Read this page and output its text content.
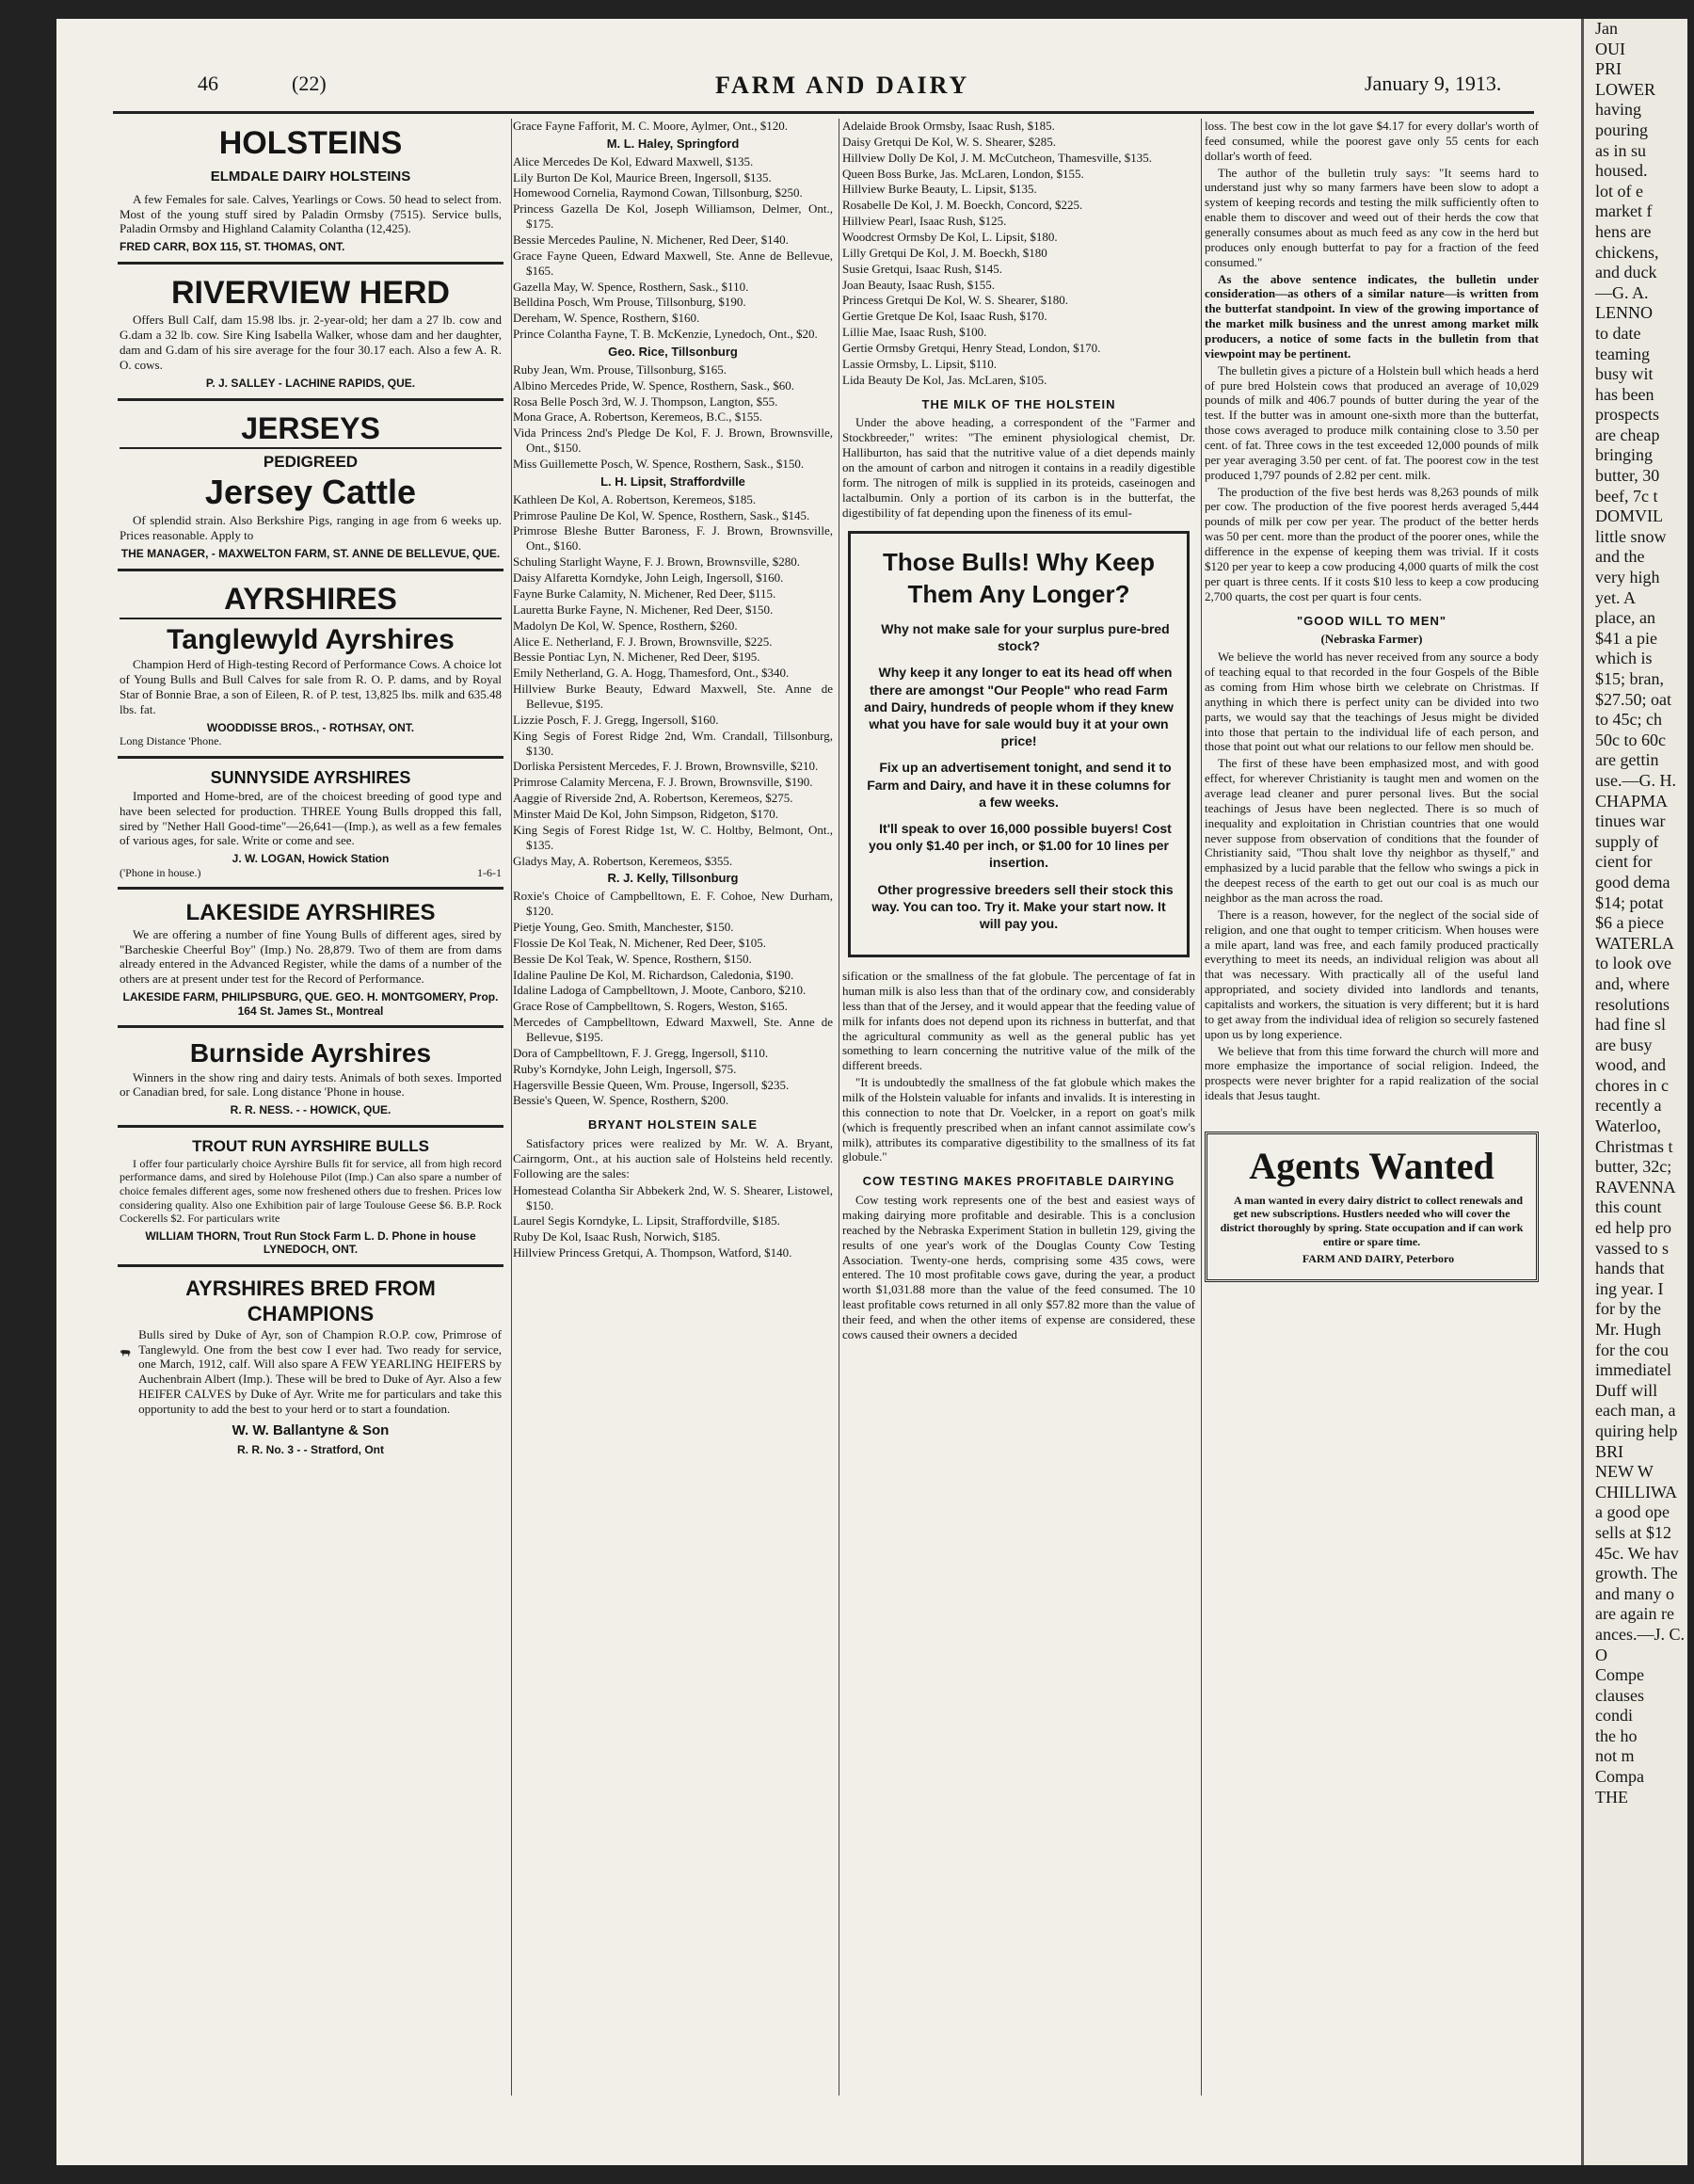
46	(22)	FARM AND DAIRY	January 9, 1913.
HOLSTEINS
ELMDALE DAIRY HOLSTEINS

A few Females for sale. Calves, Yearlings or Cows. 50 head to select from. Most of the young stuff sired by Paladin Ormsby (7515). Service bulls, Paladin Ormsby and Highland Calamity Colantha (12,425).

FRED CARR, BOX 115, ST. THOMAS, ONT.
RIVERVIEW HERD

Offers Bull Calf, dam 15.98 lbs. jr. 2-year-old; her dam a 27 lb. cow and G.dam a 32 lb. cow. Sire King Isabella Walker, whose dam and her daughter, dam and G.dam of his sire average for the four 30.17 each. Also a few A. R. O. cows.

P. J. SALLEY - LACHINE RAPIDS, QUE.
JERSEYS
PEDIGREED
Jersey Cattle

Of splendid strain. Also Berkshire Pigs, ranging in age from 6 weeks up. Prices reasonable. Apply to

THE MANAGER, - MAXWELTON FARM, ST. ANNE DE BELLEVUE, QUE.
AYRSHIRES
Tanglewyld Ayrshires

Champion Herd of High-testing Record of Performance Cows. A choice lot of Young Bulls and Bull Calves for sale from R. O. P. dams, and by Royal Star of Bonnie Brae, a son of Eileen, R. of P. test, 13,825 lbs. milk and 635.48 lbs. fat.

WOODDISSE BROS., - ROTHSAY, ONT.
Long Distance 'Phone.
SUNNYSIDE AYRSHIRES

Imported and Home-bred, are of the choicest breeding of good type and have been selected for production. THREE Young Bulls dropped this fall, sired by "Nether Hall Good-time"—26,641—(Imp.), as well as a few females of various ages, for sale. Write or come and see.

J. W. LOGAN, Howick Station
('Phone in house.)	1-6-1
LAKESIDE AYRSHIRES

We are offering a number of fine Young Bulls of different ages, sired by "Barcheskie Cheerful Boy" (Imp.) No. 28,879. Two of them are from dams already entered in the Advanced Register, while the dams of a number of the others are at present under test for the Record of Performance.

LAKESIDE FARM, PHILIPSBURG, QUE. GEO. H. MONTGOMERY, Prop. 164 St. James St., Montreal
Burnside Ayrshires

Winners in the show ring and dairy tests. Animals of both sexes. Imported or Canadian bred, for sale. Long distance 'Phone in house.

R. R. NESS. - - HOWICK, QUE.
TROUT RUN AYRSHIRE BULLS

I offer four particularly choice Ayrshire Bulls fit for service, all from high record performance dams, and sired by Holehouse Pilot (Imp.) Can also spare a number of choice females different ages, some now freshened others due to freshen. Prices low considering quality. Also one Exhibition pair of large Toulouse Geese $6. B.P. Rock Cockerells $2. For particulars write

WILLIAM THORN, Trout Run Stock Farm L. D. Phone in house LYNEDOCH, ONT.
AYRSHIRES BRED FROM CHAMPIONS

Bulls sired by Duke of Ayr, son of Champion R.O.P. cow, Primrose of Tanglewyld. One from the best cow I ever had. Two ready for service, one March, 1912, calf. Will also spare A FEW YEARLING HEIFERS by Auchenbrain Albert (Imp.). These will be bred to Duke of Ayr. Also a few HEIFER CALVES by Duke of Ayr. Write me for particulars and take this opportunity to add the best to your herd or to start a foundation.

W. W. Ballantyne & Son
R. R. No. 3 - - Stratford, Ont
Grace Fayne Fafforit, M. C. Moore, Aylmer, Ont., $120.
M. L. Haley, Springford
Alice Mercedes De Kol, Edward Maxwell, $135.
Lily Burton De Kol, Maurice Breen, Ingersoll, $135.
Homewood Cornelia, Raymond Cowan, Tillsonburg, $250.
Princess Gazella De Kol, Joseph Williamson, Delmer, Ont., $175.
Bessie Mercedes Pauline, N. Michener, Red Deer, $140.
Grace Fayne Queen, Edward Maxwell, Ste. Anne de Bellevue, $165.
Gazella May, W. Spence, Rosthern, Sask., $110.
Belldina Posch, Wm Prouse, Tillsonburg, $190.
Dereham, W. Spence, Rosthern, $160.
Prince Colantha Fayne, T. B. McKenzie, Lynedoch, Ont., $20.
Geo. Rice, Tillsonburg
Ruby Jean, Wm. Prouse, Tillsonburg, $165.
Albino Mercedes Pride, W. Spence, Rosthern, Sask., $60.
Rosa Belle Posch 3rd, W. J. Thompson, Langton, $55.
Mona Grace, A. Robertson, Keremeos, B.C., $155.
Vida Princess 2nd's Pledge De Kol, F. J. Brown, Brownsville, Ont., $150.
Miss Guillemette Posch, W. Spence, Rosthern, Sask., $150.
L. H. Lipsit, Straffordville
Kathleen De Kol, A. Robertson, Keremeos, $185.
Primrose Pauline De Kol, W. Spence, Rosthern, Sask., $145.
Primrose Bleshe Butter Baroness, F. J. Brown, Brownsville, Ont., $160.
Schuling Starlight Wayne, F. J. Brown, Brownsville, $280.
Daisy Alfaretta Korndyke, John Leigh, Ingersoll, $160.
Fayne Burke Calamity, N. Michener, Red Deer, $115.
Lauretta Burke Fayne, N. Michener, Red Deer, $150.
Madolyn De Kol, W. Spence, Rosthern, $260.
Alice E. Netherland, F. J. Brown, Brownsville, $225.
Bessie Pontiac Lyn, N. Michener, Red Deer, $195.
Emily Netherland, G. A. Hogg, Thamesford, Ont., $340.
Hillview Burke Beauty, Edward Maxwell, Ste. Anne de Bellevue, $195.
Lizzie Posch, F. J. Gregg, Ingersoll, $160.
King Segis of Forest Ridge 2nd, Wm. Crandall, Tillsonburg, $130.
Dorliska Persistent Mercedes, F. J. Brown, Brownsville, $210.
Primrose Calamity Mercena, F. J. Brown, Brownsville, $190.
Aaggie of Riverside 2nd, A. Robertson, Keremeos, $275.
Minster Maid De Kol, John Simpson, Ridgeton, $170.
King Segis of Forest Ridge 1st, W. C. Holtby, Belmont, Ont., $135.
Gladys May, A. Robertson, Keremeos, $355.
R. J. Kelly, Tillsonburg
Roxie's Choice of Campbelltown, E. F. Cohoe, New Durham, $120.
Pietje Young, Geo. Smith, Manchester, $150.
Flossie De Kol Teak, N. Michener, Red Deer, $105.
Bessie De Kol Teak, W. Spence, Rosthern, $150.
Idaline Pauline De Kol, M. Richardson, Caledonia, $190.
Idaline Ladoga of Campbelltown, J. Moote, Canboro, $210.
Grace Rose of Campbelltown, S. Rogers, Weston, $165.
Mercedes of Campbelltown, Edward Maxwell, Ste. Anne de Bellevue, $195.
Dora of Campbelltown, F. J. Gregg, Ingersoll, $110.
Ruby's Korndyke, John Leigh, Ingersoll, $75.
Hagersville Bessie Queen, Wm. Prouse, Ingersoll, $235.
Bessie's Queen, W. Spence, Rosthern, $200.
BRYANT HOLSTEIN SALE

Satisfactory prices were realized by Mr. W. A. Bryant, Cairngorm, Ont., at his auction sale of Holsteins held recently. Following are the sales:

Homestead Colantha Sir Abbekerk 2nd, W. S. Shearer, Listowel, $150.
Laurel Segis Korndyke, L. Lipsit, Straffordville, $185.
Ruby De Kol, Isaac Rush, Norwich, $185.
Hillview Princess Gretqui, A. Thompson, Watford, $140.
Adelaide Brook Ormsby, Isaac Rush, $185.
Daisy Gretqui De Kol, W. S. Shearer, $285.
Hillview Dolly De Kol, J. M. McCutcheon, Thamesville, $135.
Queen Boss Burke, Jas. McLaren, London, $155.
Hillview Burke Beauty, L. Lipsit, $135.
Rosabelle De Kol, J. M. Boeckh, Concord, $225.
Hillview Pearl, Isaac Rush, $125.
Woodcrest Ormsby De Kol, L. Lipsit, $180.
Lilly Gretqui De Kol, J. M. Boeckh, $180
Susie Gretqui, Isaac Rush, $145.
Joan Beauty, Isaac Rush, $155.
Princess Gretqui De Kol, W. S. Shearer, $180.
Gertie Gretque De Kol, Isaac Rush, $170.
Lillie Mae, Isaac Rush, $100.
Gertie Ormsby Gretqui, Henry Stead, London, $170.
Lassie Ormsby, L. Lipsit, $110.
Lida Beauty De Kol, Jas. McLaren, $105.
THE MILK OF THE HOLSTEIN

Under the above heading, a correspondent of the "Farmer and Stockbreeder," writes: "The eminent physiological chemist, Dr. Halliburton, has said that the nutritive value of a diet depends mainly on the amount of carbon and nitrogen it contains in a readily digestible form. The nitrogen of milk is supplied in its proteids, caseinogen and lactalbumin. Only a portion of its carbon is in the butterfat, the digestibility of fat depending upon the fineness of its emul-

Those Bulls! Why Keep Them Any Longer?

Why not make sale for your surplus pure-bred stock?

Why keep it any longer to eat its head off when there are amongst "Our People" who read Farm and Dairy, hundreds of people whom if they knew what you have for sale would buy it at your own price!

Fix up an advertisement tonight, and send it to Farm and Dairy, and have it in these columns for a few weeks.

It'll speak to over 16,000 possible buyers! Cost you only $1.40 per inch, or $1.00 for 10 lines per insertion.

Other progressive breeders sell their stock this way. You can too. Try it. Make your start now. It will pay you.

sification or the smallness of the fat globule. The percentage of fat in human milk is also less than that of the ordinary cow, and considerably less than that of the Jersey, and it would appear that the feeding value of milk for infants does not depend upon its richness in butterfat, and that the agricultural community as well as the general public has yet something to learn concerning the nutritive value of the milk of the different breeds.

"It is undoubtedly the smallness of the fat globule which makes the milk of the Holstein valuable for infants and invalids. It is interesting in this connection to note that Dr. Voelcker, in a report on goat's milk (which is frequently prescribed when an infant cannot assimilate cow's milk), attributes its comparative digestibility to the smallness of its fat globule."

COW TESTING MAKES PROFITABLE DAIRYING

Cow testing work represents one of the best and easiest ways of making dairying more profitable and desirable. This is a conclusion reached by the Nebraska Experiment Station in bulletin 129, giving the results of one year's work of the Douglas County Cow Testing Association. Twenty-one herds, comprising some 435 cows, were entered. The 10 most profitable cows gave, during the year, a product worth $1,031.88 more than the value of the feed consumed. The 10 least profitable cows returned in all only $57.82 more than the value of their feed, and when the other items of expense are considered, these cows caused their owners a decided

loss. The best cow in the lot gave $4.17 for every dollar's worth of feed consumed, while the poorest gave only 55 cents for each dollar's worth of feed.

The author of the bulletin truly says: "It seems hard to understand just why so many farmers have been slow to adopt a system of keeping records and testing the milk sufficiently often to enable them to discover and weed out of their herds the cow that generally consumes about as much feed as any cow in the herd but produces only enough butterfat to pay for a fraction of the feed consumed."

As the above sentence indicates, the bulletin under consideration—as others of a similar nature—is written from the butterfat standpoint. In view of the growing importance of the market milk business and the unrest among market milk producers, a notice of some facts in the bulletin from that viewpoint may be pertinent.

The bulletin gives a picture of a Holstein bull which heads a herd of pure bred Holstein cows that produced an average of 10,029 pounds of milk and 406.7 pounds of butter during the year of the test. If the butter was in amount one-sixth more than the butterfat, those cows averaged to produce milk containing close to 3.50 per cent. of fat. Three cows in the test exceeded 12,000 pounds of milk per year averaging 3.50 per cent. of fat. The poorest cow in the test produced 1,797 pounds of 2.82 per cent. milk.

The production of the five best herds was 8,263 pounds of milk per cow. The production of the five poorest herds averaged 5,444 pounds of milk per cow per year. The product of the better herds was 50 per cent. more than the product of the poorer ones, while the difference in the expense of keeping them was trivial. If it costs $120 per year to keep a cow producing 4,000 quarts of milk the cost per quart is three cents. If it costs $10 less to keep a cow producing 2,700 quarts, the cost per quart is four cents.

"GOOD WILL TO MEN"
(Nebraska Farmer)

We believe the world has never received from any source a body of teaching equal to that recorded in the four Gospels of the Bible as coming from Him whose birth we celebrate on Christmas. If anything in which there is perfect unity can be divided into two parts, we would say that the teachings of Jesus might be divided into those that pertain to the individual life of each person, and those that point out what our relations to our fellow men should be.

The first of these have been emphasized most, and with good effect, for wherever Christianity is taught men and women on the average lead cleaner and purer personal lives. But the social teachings of Jesus have been neglected. There is so much of inequality and exploitation in Christian countries that one would never suppose from observation of conditions that the founder of Christianity said, "Thou shalt love thy neighbor as thyself," and emphasized by a lucid parable that the fellow who swings a pick in the deepest recess of the earth to get out our coal is as much our neighbor as the man across the road.

There is a reason, however, for the neglect of the social side of religion, and one that ought to temper criticism. When houses were a mile apart, land was free, and each family produced practically everything to meet its needs, an individual religion was about all that was necessary. With practically all of the useful land appropriated, and society divided into landlords and tenants, capitalists and workers, the situation is very different; but it is hard to get away from the individual idea of religion so securely fastened upon us by long experience.

We believe that from this time forward the church will more and more emphasize the importance of social religion. Indeed, the prospects were never brighter for a rapid realization of the social ideals that Jesus taught.

Agents Wanted

A man wanted in every dairy district to collect renewals and get new subscriptions. Hustlers needed who will cover the district thoroughly by spring. State occupation and if can work entire or spare time.

FARM AND DAIRY, Peterboro

Jan
OUI
PRI
LOWER
having
pouring
as in su
housed.
lot of e
market f
hens are
chickens,
and duck
—G. A.
LENNO
to date
teaming
busy wit
has been
prospects
are cheap
bringing
butter, 30
beef, 7c t
DOMVIL
little snow
and the
very high
yet. A
place, an
$41 a pie
which is
$15; bran,
$27.50; oat
to 45c; ch
50c to 60c
are gettin
use.—G. H.
CHAPMA
tinues war
supply of
cient for
good dema
$14; potat
$6 a piece
WATERLA
to look ove
and, where
resolutions
had fine sl
are busy
wood, and
chores in c
recently a
Waterloo,
Christmas t
butter, 32c;
RAVENNA
this count
ed help pro
vassed to s
hands that
ing year. I
for by the
Mr. Hugh
for the cou
immediatel
Duff will
each man, a
quiring help
BRI
NEW W
CHILLIWA
a good ope
sells at $12
45c. We hav
growth. The
and many o
are again re
ances.—J. C.
O
Compe
clauses
condi
the ho
not m
Compa
THE
